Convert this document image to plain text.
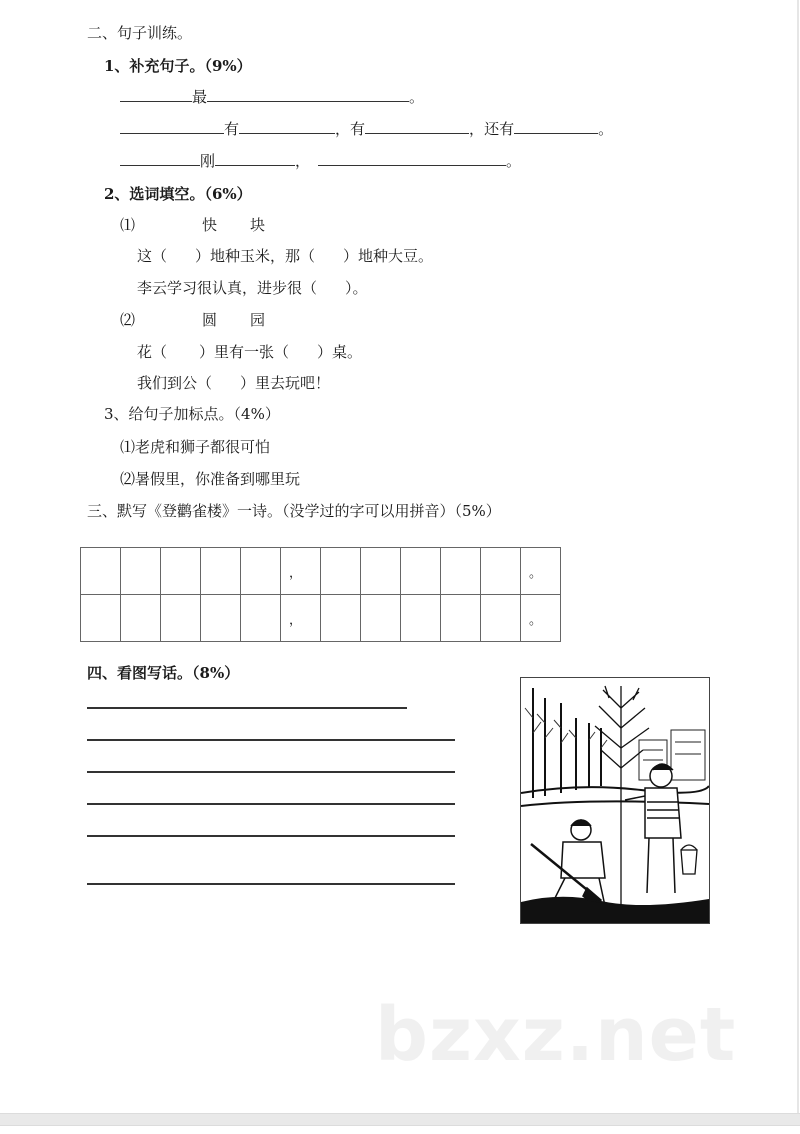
二、句子训练。
1、补充句子。（9%）
最	。
有	，有	，还有	。
刚	，	。
2、选词填空。（6%）
⑴	快 块
这（ ）地种玉米，那（ ）地种大豆。
李云学习很认真，进步很（ ）。
⑵	圆 园
花（ ）里有一张（ ）桌。
我们到公（ ）里去玩吧！
3、给句子加标点。（4%）
⑴老虎和狮子都很可怕
⑵暑假里，你准备到哪里玩
三、默写《登鹳雀楼》一诗。（没学过的字可以用拼音）（5%）
					，						。
					，						。
四、看图写话。（8%）
bzxz.net
